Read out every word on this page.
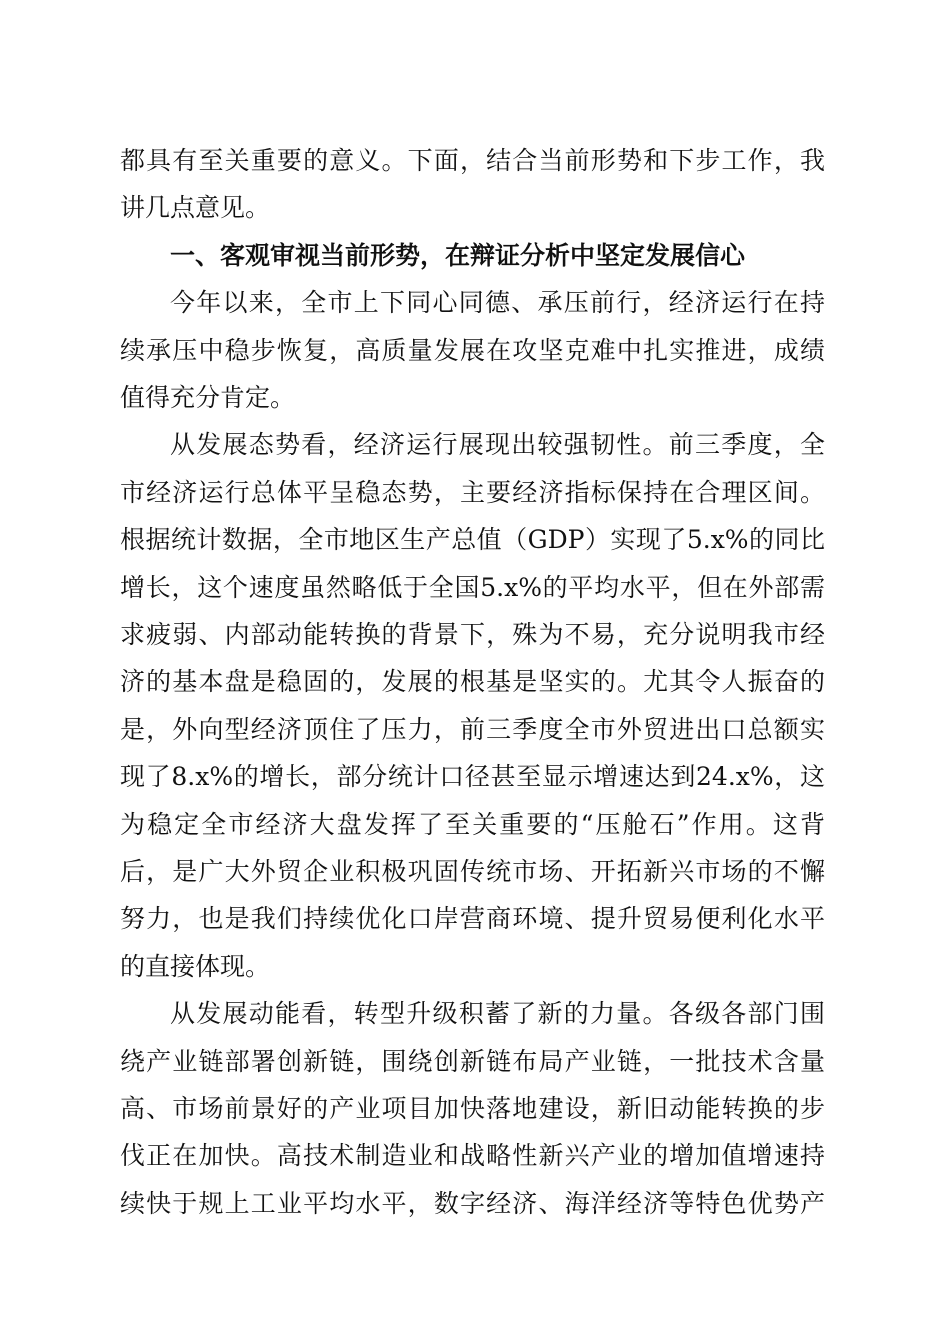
都具有至关重要的意义。下面，结合当前形势和下步工作，我
讲几点意见。
一、客观审视当前形势，在辩证分析中坚定发展信心
今年以来，全市上下同心同德、承压前行，经济运行在持
续承压中稳步恢复，高质量发展在攻坚克难中扎实推进，成绩
值得充分肯定。
从发展态势看，经济运行展现出较强韧性。前三季度，全
市经济运行总体平呈稳态势，主要经济指标保持在合理区间。
根据统计数据，全市地区生产总值（GDP）实现了5.x%的同比
增长，这个速度虽然略低于全国5.x%的平均水平，但在外部需
求疲弱、内部动能转换的背景下，殊为不易，充分说明我市经
济的基本盘是稳固的，发展的根基是坚实的。尤其令人振奋的
是，外向型经济顶住了压力，前三季度全市外贸进出口总额实
现了8.x%的增长，部分统计口径甚至显示增速达到24.x%，这
为稳定全市经济大盘发挥了至关重要的“压舱石”作用。这背
后，是广大外贸企业积极巩固传统市场、开拓新兴市场的不懈
努力，也是我们持续优化口岸营商环境、提升贸易便利化水平
的直接体现。
从发展动能看，转型升级积蓄了新的力量。各级各部门围
绕产业链部署创新链，围绕创新链布局产业链，一批技术含量
高、市场前景好的产业项目加快落地建设，新旧动能转换的步
伐正在加快。高技术制造业和战略性新兴产业的增加值增速持
续快于规上工业平均水平，数字经济、海洋经济等特色优势产
